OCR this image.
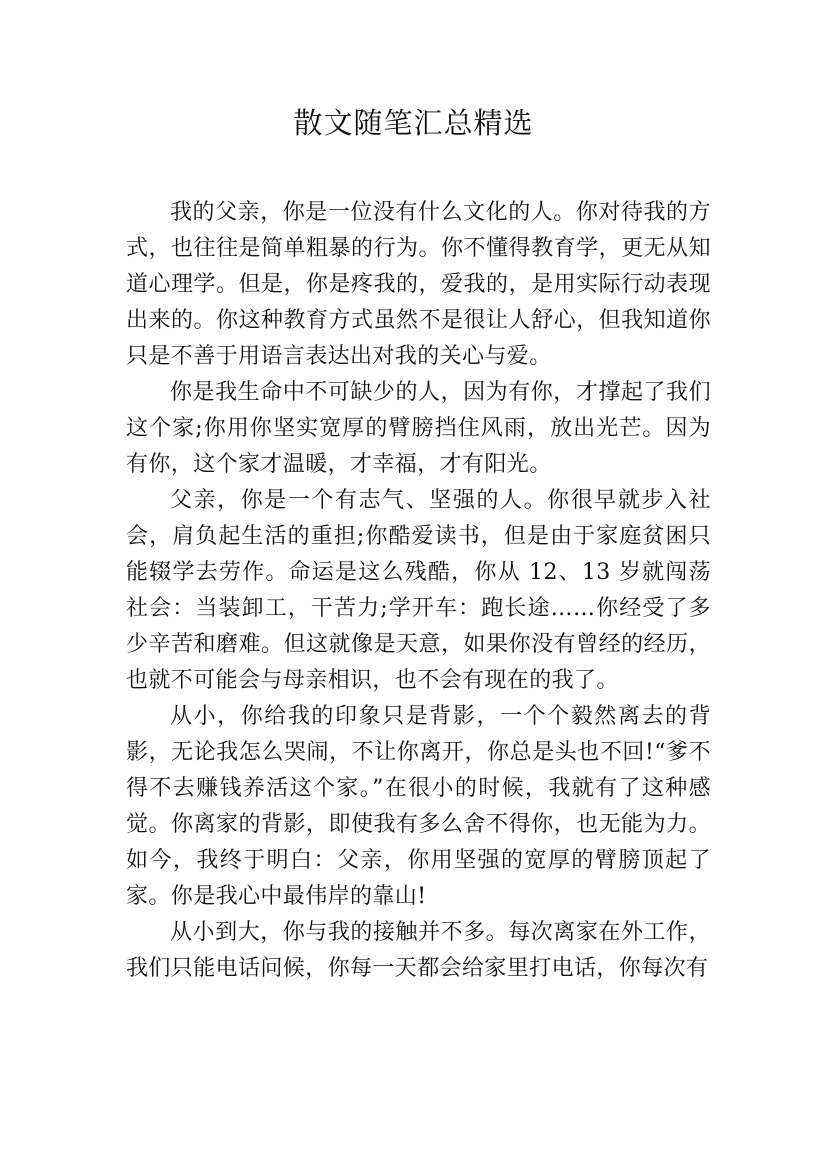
散文随笔汇总精选

我的父亲，你是一位没有什么文化的人。你对待我的方式，也往往是简单粗暴的行为。你不懂得教育学，更无从知道心理学。但是，你是疼我的，爱我的，是用实际行动表现出来的。你这种教育方式虽然不是很让人舒心，但我知道你只是不善于用语言表达出对我的关心与爱。

你是我生命中不可缺少的人，因为有你，才撑起了我们这个家;你用你坚实宽厚的臂膀挡住风雨，放出光芒。因为有你，这个家才温暖，才幸福，才有阳光。

父亲，你是一个有志气、坚强的人。你很早就步入社会，肩负起生活的重担;你酷爱读书，但是由于家庭贫困只能辍学去劳作。命运是这么残酷，你从 12、13 岁就闯荡社会：当装卸工，干苦力;学开车：跑长途……你经受了多少辛苦和磨难。但这就像是天意，如果你没有曾经的经历，也就不可能会与母亲相识，也不会有现在的我了。

从小，你给我的印象只是背影，一个个毅然离去的背影，无论我怎么哭闹，不让你离开，你总是头也不回!“爹不得不去赚钱养活这个家。”在很小的时候，我就有了这种感觉。你离家的背影，即使我有多么舍不得你，也无能为力。如今，我终于明白：父亲，你用坚强的宽厚的臂膀顶起了家。你是我心中最伟岸的靠山!

从小到大，你与我的接触并不多。每次离家在外工作，我们只能电话问候，你每一天都会给家里打电话，你每次有
